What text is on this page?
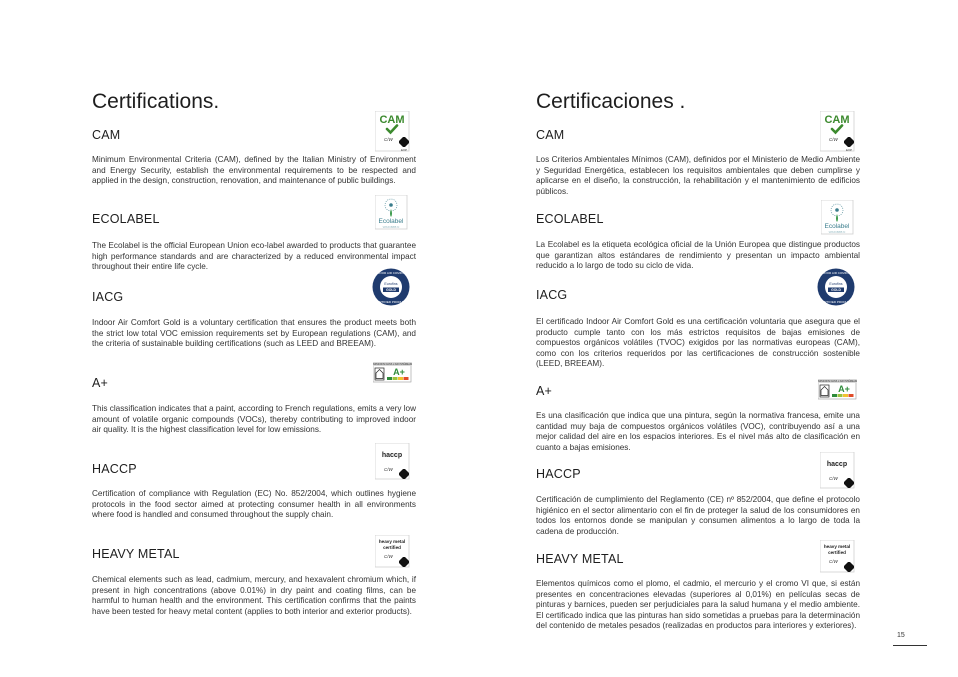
Certifications.
CAM
Minimum Environmental Criteria (CAM), defined by the Italian Ministry of Environment and Energy Security, establish the environmental requirements to be respected and applied in the design, construction, renovation, and maintenance of public buildings.
ECOLABEL
The Ecolabel is the official European Union eco-label awarded to products that guarantee high performance standards and are characterized by a reduced environmental impact throughout their entire life cycle.
IACG
Indoor Air Comfort Gold is a voluntary certification that ensures the product meets both the strict low total VOC emission requirements set by European regulations (CAM), and the criteria of sustainable building certifications (such as LEED and BREEAM).
A+
This classification indicates that a paint, according to French regulations, emits a very low amount of volatile organic compounds (VOCs), thereby contributing to improved indoor air quality. It is the highest classification level for low emissions.
HACCP
Certification of compliance with Regulation (EC) No. 852/2004, which outlines hygiene protocols in the food sector aimed at protecting consumer health in all environments where food is handled and consumed throughout the supply chain.
HEAVY METAL
Chemical elements such as lead, cadmium, mercury, and hexavalent chromium which, if present in high concentrations (above 0.01%) in dry paint and coating films, can be harmful to human health and the environment. This certification confirms that the paints have been tested for heavy metal content (applies to both interior and exterior products).
Certificaciones .
CAM
Los Criterios Ambientales Mínimos (CAM), definidos por el Ministerio de Medio Ambiente y Seguridad Energética, establecen los requisitos ambientales que deben cumplirse y aplicarse en el diseño, la construcción, la rehabilitación y el mantenimiento de edificios públicos.
ECOLABEL
La Ecolabel es la etiqueta ecológica oficial de la Unión Europea que distingue productos que garantizan altos estándares de rendimiento y presentan un impacto ambiental reducido a lo largo de todo su ciclo de vida.
IACG
El certificado Indoor Air Comfort Gold es una certificación voluntaria que asegura que el producto cumple tanto con los más estrictos requisitos de bajas emisiones de compuestos orgánicos volátiles (TVOC) exigidos por las normativas europeas (CAM), como con los criterios requeridos por las certificaciones de construcción sostenible (LEED, BREEAM).
A+
Es una clasificación que indica que una pintura, según la normativa francesa, emite una cantidad muy baja de compuestos orgánicos volátiles (VOC), contribuyendo así a una mejor calidad del aire en los espacios interiores. Es el nivel más alto de clasificación en cuanto a bajas emisiones.
HACCP
Certificación de cumplimiento del Reglamento (CE) nº 852/2004, que define el protocolo higiénico en el sector alimentario con el fin de proteger la salud de los consumidores en todos los entornos donde se manipulan y consumen alimentos a lo largo de toda la cadena de producción.
HEAVY METAL
Elementos químicos como el plomo, el cadmio, el mercurio y el cromo VI que, si están presentes en concentraciones elevadas (superiores al 0,01%) en películas secas de pinturas y barnices, pueden ser perjudiciales para la salud humana y el medio ambiente. El certificado indica que las pinturas han sido sometidas a pruebas para la determinación del contenido de metales pesados (realizadas en productos para interiores y exteriores).
15
